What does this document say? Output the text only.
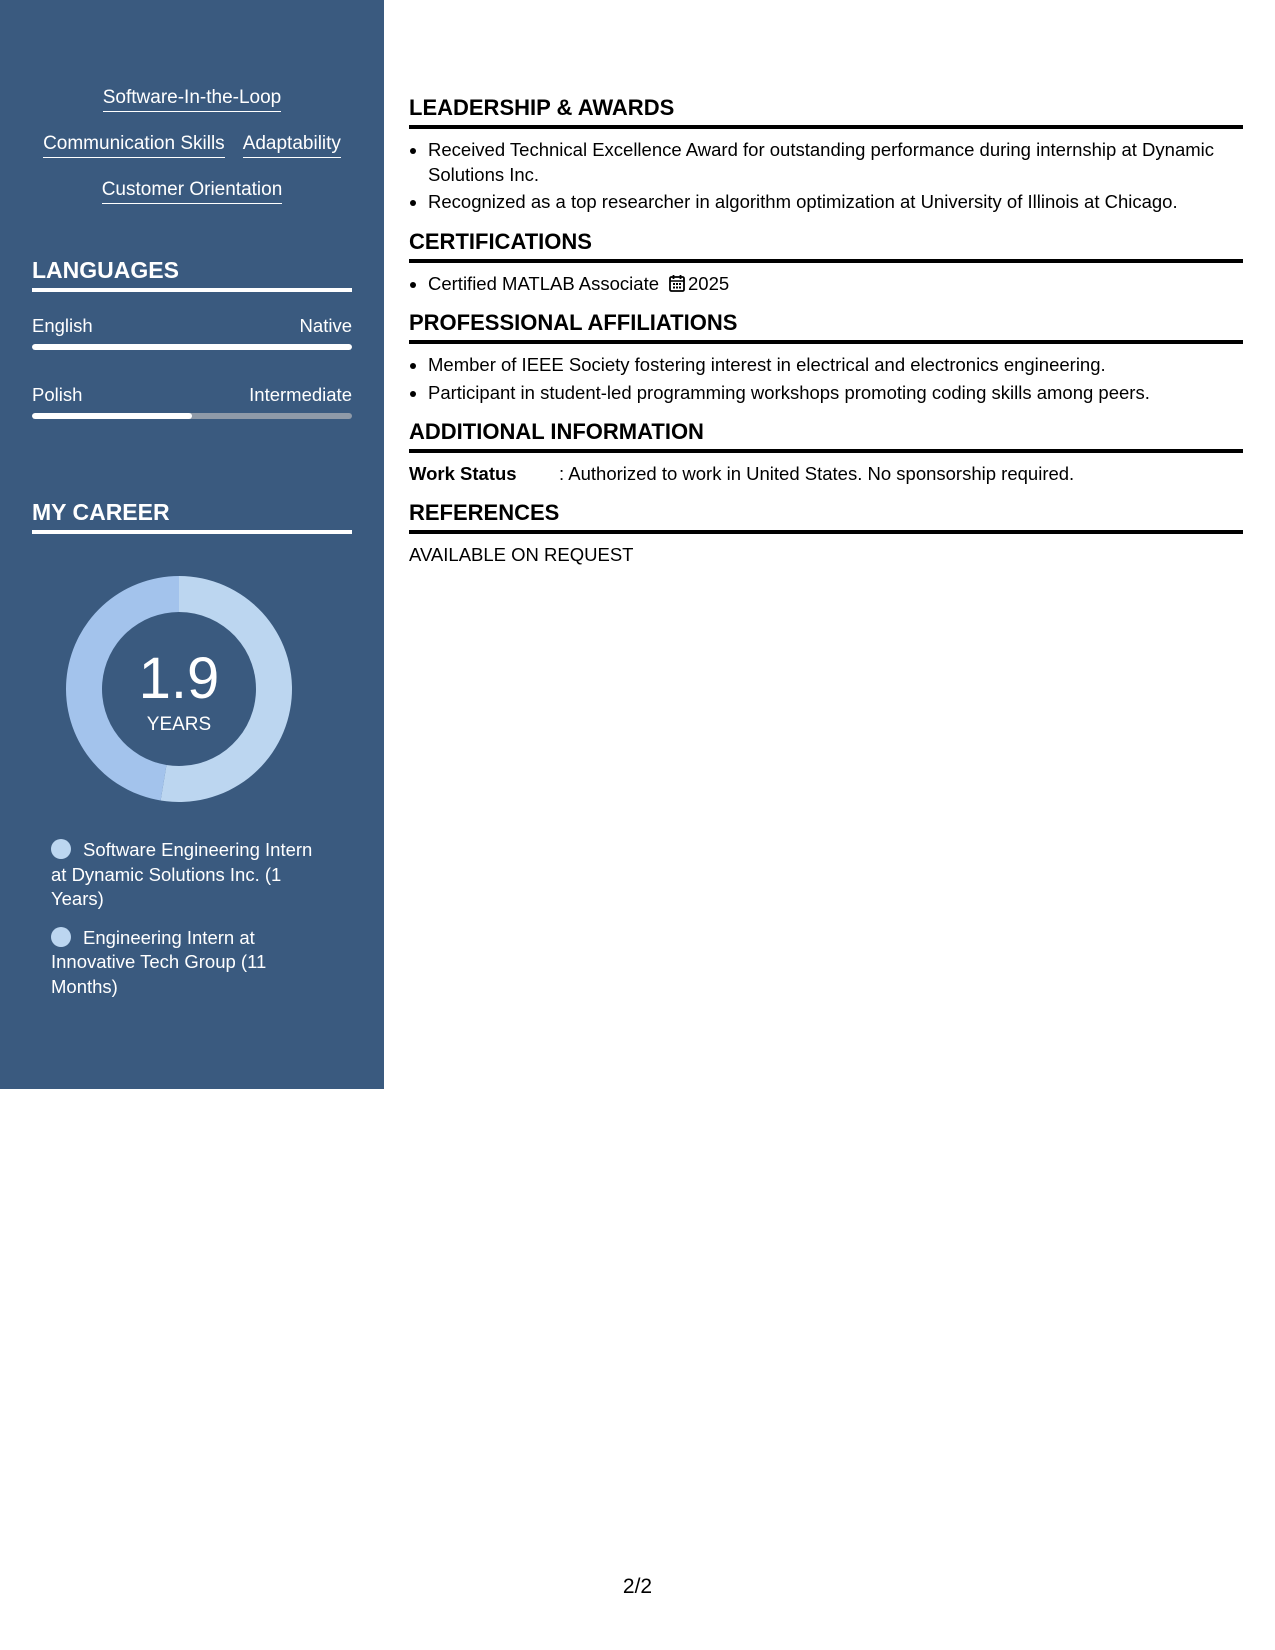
Software-In-the-Loop
Communication Skills Adaptability
Customer Orientation
LANGUAGES
English	Native
Polish	Intermediate
MY CAREER
1.9
YEARS
Software Engineering Intern at Dynamic Solutions Inc. (1 Years)
Engineering Intern at Innovative Tech Group (11 Months)
LEADERSHIP & AWARDS
• Received Technical Excellence Award for outstanding performance during internship at Dynamic Solutions Inc.
• Recognized as a top researcher in algorithm optimization at University of Illinois at Chicago.
CERTIFICATIONS
• Certified MATLAB Associate 2025
PROFESSIONAL AFFILIATIONS
• Member of IEEE Society fostering interest in electrical and electronics engineering.
• Participant in student-led programming workshops promoting coding skills among peers.
ADDITIONAL INFORMATION
Work Status	: Authorized to work in United States. No sponsorship required.
REFERENCES
AVAILABLE ON REQUEST
2/2
